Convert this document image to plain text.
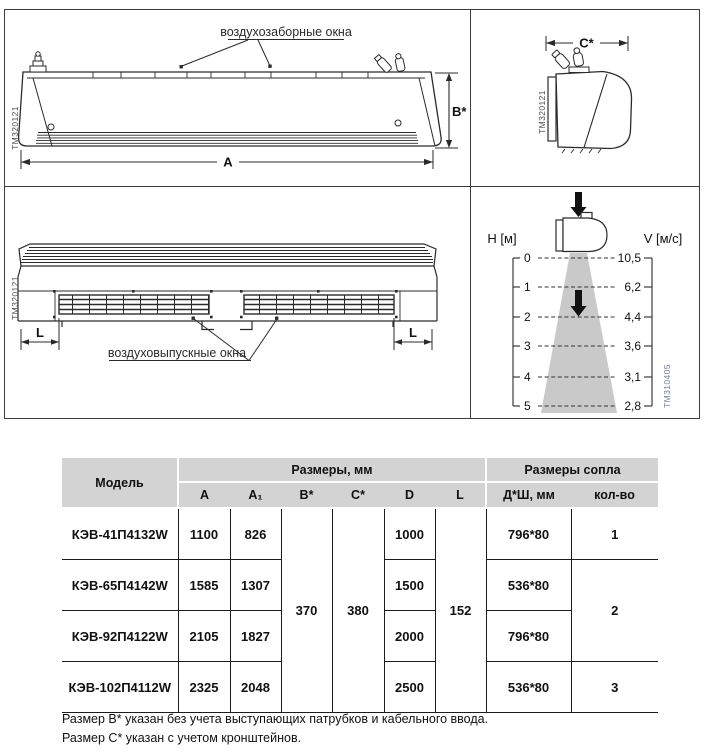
воздухозаборные окна
B*
A
ТМ320121
C*
ТМ320121
L	L
воздуховыпускные окна
ТМ320121
0
1
2
3
4
5
10,5
6,2
4,4
3,6
3,1
2,8
H [м]	V [м/с]
ТМ310405
Модель	Размеры, мм						Размеры сопла	
	A	A₁	B*	C*	D	L	Д*Ш, мм	кол-во
КЭВ-41П4132W	1100	826	370	380	1000	152	796*80	1
КЭВ-65П4142W	1585	1307			1500		536*80	2
КЭВ-92П4122W	2105	1827			2000		796*80	
КЭВ-102П4112W	2325	2048			2500		536*80	3
Размер B* указан без учета выступающих патрубков и кабельного ввода.
Размер C* указан с учетом кронштейнов.
